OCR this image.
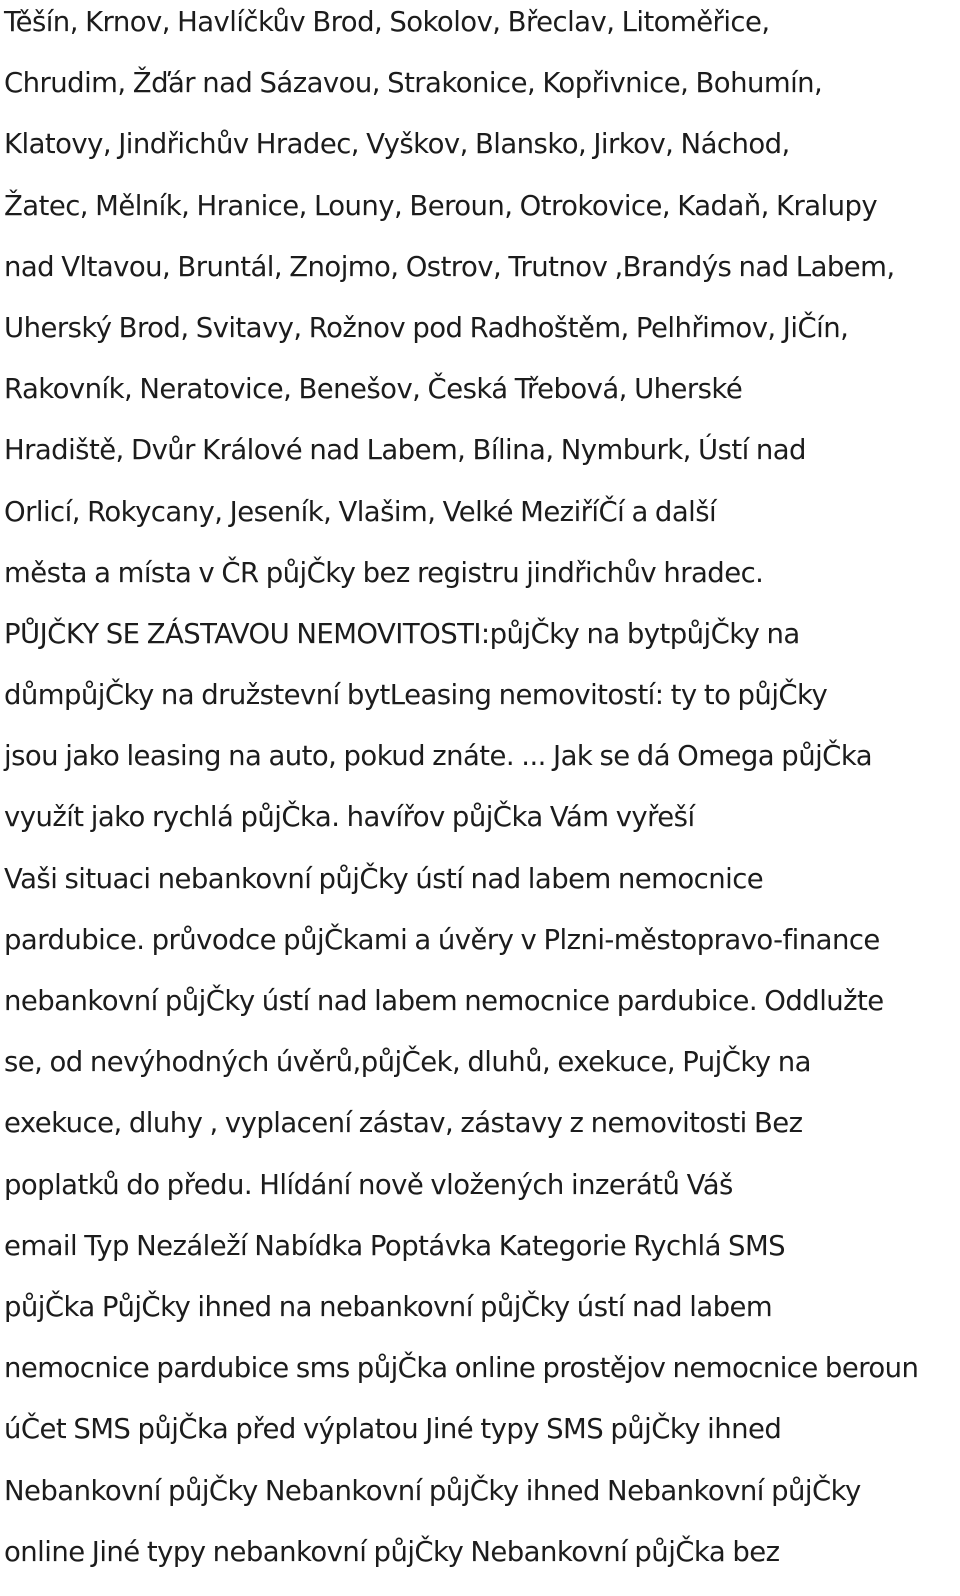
Těšín, Krnov, Havlíčkův Brod, Sokolov, Břeclav, Litoměřice,
Chrudim, Žďár nad Sázavou, Strakonice, Kopřivnice, Bohumín,
Klatovy, Jindřichův Hradec, Vyškov, Blansko, Jirkov, Náchod,
Žatec, Mělník, Hranice, Louny, Beroun, Otrokovice, Kadaň, Kralupy
nad Vltavou, Bruntál, Znojmo, Ostrov, Trutnov ,Brandýs nad Labem,
Uherský Brod, Svitavy, Rožnov pod Radhoštěm, Pelhřimov, JiČín,
Rakovník, Neratovice, Benešov, Česká Třebová, Uherské
Hradiště, Dvůr Králové nad Labem, Bílina, Nymburk, Ústí nad
Orlicí, Rokycany, Jeseník, Vlašim, Velké MeziříČí a další
města a místa v ČR půjČky bez registru jindřichův hradec.
PŮJČKY SE ZÁSTAVOU NEMOVITOSTI:půjČky na bytpůjČky na
důmpůjČky na družstevní bytLeasing nemovitostí: ty to půjČky
jsou jako leasing na auto, pokud znáte. ... Jak se dá Omega půjČka
využít jako rychlá půjČka. havířov půjČka Vám vyřeší
Vaši situaci nebankovní půjČky ústí nad labem nemocnice
pardubice. průvodce půjČkami a úvěry v Plzni-městopravo-finance
nebankovní půjČky ústí nad labem nemocnice pardubice. Oddlužte
se, od nevýhodných úvěrů,půjČek, dluhů, exekuce, PujČky na
exekuce, dluhy , vyplacení zástav, zástavy z nemovitosti Bez
poplatků do předu. Hlídání nově vložených inzerátů Váš
email Typ Nezáleží Nabídka Poptávka Kategorie Rychlá SMS
půjČka PůjČky ihned na nebankovní půjČky ústí nad labem
nemocnice pardubice sms půjČka online prostějov nemocnice beroun
úČet SMS půjČka před výplatou Jiné typy SMS půjČky ihned
Nebankovní půjČky Nebankovní půjČky ihned Nebankovní půjČky
online Jiné typy nebankovní půjČky Nebankovní půjČka bez
